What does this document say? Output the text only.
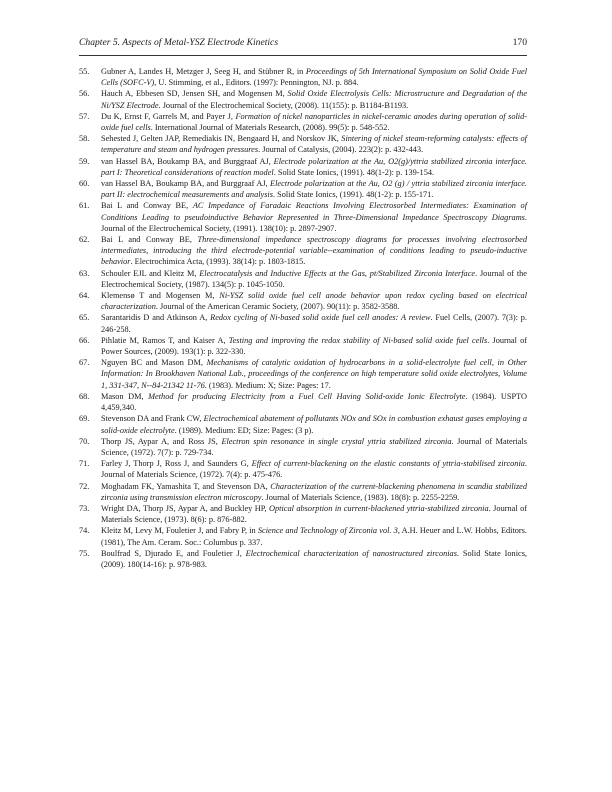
Chapter 5. Aspects of Metal-YSZ Electrode Kinetics	170
55.	Gubner A, Landes H, Metzger J, Seeg H, and Stübner R, in Proceedings of 5th International Symposium on Solid Oxide Fuel Cells (SOFC-V), U. Stimming, et al., Editors. (1997): Pennington, NJ. p. 884.
56.	Hauch A, Ebbesen SD, Jensen SH, and Mogensen M, Solid Oxide Electrolysis Cells: Microstructure and Degradation of the Ni/YSZ Electrode. Journal of the Electrochemical Society, (2008). 11(155): p. B1184-B1193.
57.	Du K, Ernst F, Garrels M, and Payer J, Formation of nickel nanoparticles in nickel-ceramic anodes during operation of solid-oxide fuel cells. International Journal of Materials Research, (2008). 99(5): p. 548-552.
58.	Sehested J, Gelten JAP, Remediakis IN, Bengaard H, and Norskov JK, Sintering of nickel steam-reforming catalysts: effects of temperature and steam and hydrogen pressures. Journal of Catalysis, (2004). 223(2): p. 432-443.
59.	van Hassel BA, Boukamp BA, and Burggraaf AJ, Electrode polarization at the Au, O2(g)/yttria stabilized zirconia interface. part I: Theoretical considerations of reaction model. Solid State Ionics, (1991). 48(1-2): p. 139-154.
60.	van Hassel BA, Boukamp BA, and Burggraaf AJ, Electrode polarization at the Au, O2 (g) / yttria stabilized zirconia interface. part II: electrochemical measurements and analysis. Solid State Ionics, (1991). 48(1-2): p. 155-171.
61.	Bai L and Conway BE, AC Impedance of Faradaic Reactions Involving Electrosorbed Intermediates: Examination of Conditions Leading to pseudoinductive Behavior Represented in Three-Dimensional Impedance Spectroscopy Diagrams. Journal of the Electrochemical Society, (1991). 138(10): p. 2897-2907.
62.	Bai L and Conway BE, Three-dimensional impedance spectroscopy diagrams for processes involving electrosorbed intermediates, introducing the third electrode-potential variable--examination of conditions leading to pseudo-inductive behavior. Electrochimica Acta, (1993). 38(14): p. 1803-1815.
63.	Schouler EJL and Kleitz M, Electrocatalysis and Inductive Effects at the Gas, pt/Stabilized Zirconia Interface. Journal of the Electrochemical Society, (1987). 134(5): p. 1045-1050.
64.	Klemensø T and Mogensen M, Ni-YSZ solid oxide fuel cell anode behavior upon redox cycling based on electrical characterization. Journal of the American Ceramic Society, (2007). 90(11): p. 3582-3588.
65.	Sarantaridis D and Atkinson A, Redox cycling of Ni-based solid oxide fuel cell anodes: A review. Fuel Cells, (2007). 7(3): p. 246-258.
66.	Pihlatie M, Ramos T, and Kaiser A, Testing and improving the redox stability of Ni-based solid oxide fuel cells. Journal of Power Sources, (2009). 193(1): p. 322-330.
67.	Nguyen BC and Mason DM, Mechanisms of catalytic oxidation of hydrocarbons in a solid-electrolyte fuel cell, in Other Information: In Brookhaven National Lab., proceedings of the conference on high temperature solid oxide electrolytes, Volume 1, 331-347, N--84-21342 11-76. (1983). Medium: X; Size: Pages: 17.
68.	Mason DM, Method for producing Electricity from a Fuel Cell Having Solid-oxide Ionic Electrolyte. (1984). USPTO 4,459,340.
69.	Stevenson DA and Frank CW, Electrochemical abatement of pollutants NOx and SOx in combustion exhaust gases employing a solid-oxide electrolyte. (1989). Medium: ED; Size: Pages: (3 p).
70.	Thorp JS, Aypar A, and Ross JS, Electron spin resonance in single crystal yttria stabilized zirconia. Journal of Materials Science, (1972). 7(7): p. 729-734.
71.	Farley J, Thorp J, Ross J, and Saunders G, Effect of current-blackening on the elastic constants of yttria-stabilised zirconia. Journal of Materials Science, (1972). 7(4): p. 475-476.
72.	Moghadam FK, Yamashita T, and Stevenson DA, Characterization of the current-blackening phenomena in scandia stabilized zirconia using transmission electron microscopy. Journal of Materials Science, (1983). 18(8): p. 2255-2259.
73.	Wright DA, Thorp JS, Aypar A, and Buckley HP, Optical absorption in current-blackened yttria-stabilized zirconia. Journal of Materials Science, (1973). 8(6): p. 876-882.
74.	Kleitz M, Levy M, Fouletier J, and Fabry P, in Science and Technology of Zirconia vol. 3, A.H. Heuer and L.W. Hobbs, Editors. (1981), The Am. Ceram. Soc.: Columbus p. 337.
75.	Boulfrad S, Djurado E, and Fouletier J, Electrochemical characterization of nanostructured zirconias. Solid State Ionics, (2009). 180(14-16): p. 978-983.
